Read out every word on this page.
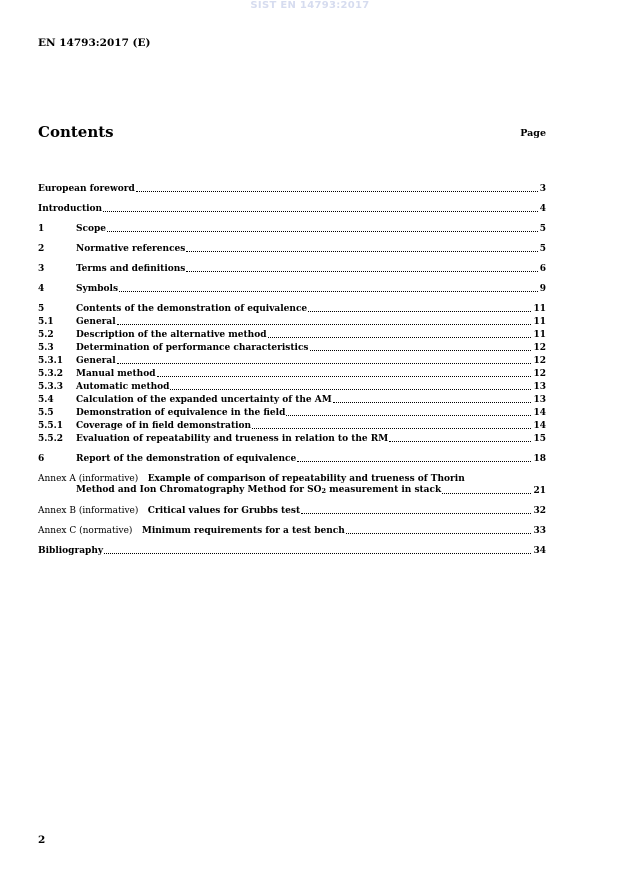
SIST EN 14793:2017
EN 14793:2017 (E)
Contents	Page
European foreword	3
Introduction	4
1	Scope	5
2	Normative references	5
3	Terms and definitions	6
4	Symbols	9
5	Contents of the demonstration of equivalence	11
5.1	General	11
5.2	Description of the alternative method	11
5.3	Determination of performance characteristics	12
5.3.1	General	12
5.3.2	Manual method	12
5.3.3	Automatic method	13
5.4	Calculation of the expanded uncertainty of the AM	13
5.5	Demonstration of equivalence in the field	14
5.5.1	Coverage of in field demonstration	14
5.5.2	Evaluation of repeatability and trueness in relation to the RM	15
6	Report of the demonstration of equivalence	18
Annex A (informative) Example of comparison of repeatability and trueness of Thorin
Method and Ion Chromatography Method for SO2 measurement in stack	21
Annex B (informative) Critical values for Grubbs test	32
Annex C (normative) Minimum requirements for a test bench	33
Bibliography	34
2
